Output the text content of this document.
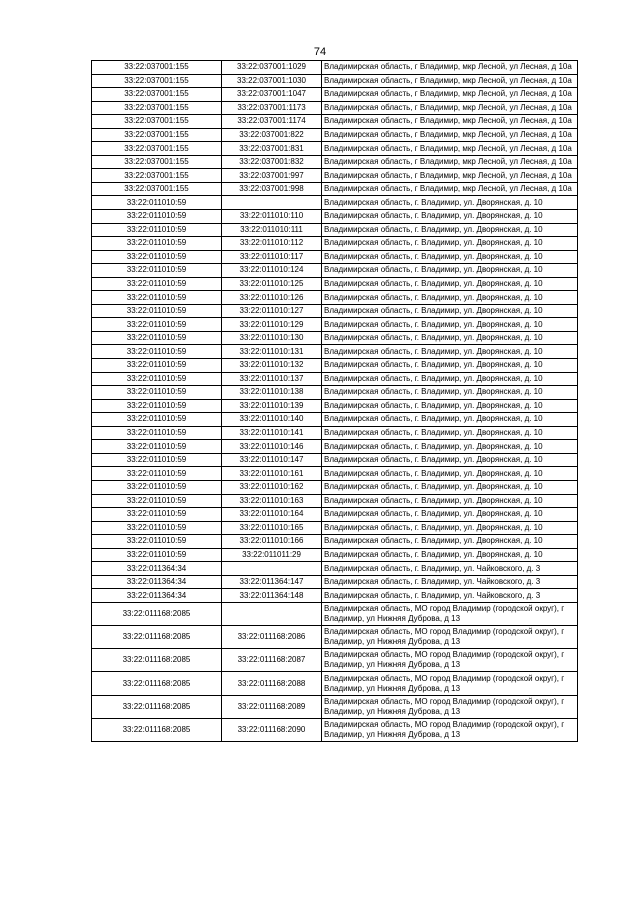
74
33:22:037001:155	33:22:037001:1029	Владимирская область, г Владимир, мкр Лесной, ул Лесная, д 10а
33:22:037001:155	33:22:037001:1030	Владимирская область, г Владимир, мкр Лесной, ул Лесная, д 10а
33:22:037001:155	33:22:037001:1047	Владимирская область, г Владимир, мкр Лесной, ул Лесная, д 10а
33:22:037001:155	33:22:037001:1173	Владимирская область, г Владимир, мкр Лесной, ул Лесная, д 10а
33:22:037001:155	33:22:037001:1174	Владимирская область, г Владимир, мкр Лесной, ул Лесная, д 10а
33:22:037001:155	33:22:037001:822	Владимирская область, г Владимир, мкр Лесной, ул Лесная, д 10а
33:22:037001:155	33:22:037001:831	Владимирская область, г Владимир, мкр Лесной, ул Лесная, д 10а
33:22:037001:155	33:22:037001:832	Владимирская область, г Владимир, мкр Лесной, ул Лесная, д 10а
33:22:037001:155	33:22:037001:997	Владимирская область, г Владимир, мкр Лесной, ул Лесная, д 10а
33:22:037001:155	33:22:037001:998	Владимирская область, г Владимир, мкр Лесной, ул Лесная, д 10а
33:22:011010:59		Владимирская область, г. Владимир, ул. Дворянская, д. 10
33:22:011010:59	33:22:011010:110	Владимирская область, г. Владимир, ул. Дворянская, д. 10
33:22:011010:59	33:22:011010:111	Владимирская область, г. Владимир, ул. Дворянская, д. 10
33:22:011010:59	33:22:011010:112	Владимирская область, г. Владимир, ул. Дворянская, д. 10
33:22:011010:59	33:22:011010:117	Владимирская область, г. Владимир, ул. Дворянская, д. 10
33:22:011010:59	33:22:011010:124	Владимирская область, г. Владимир, ул. Дворянская, д. 10
33:22:011010:59	33:22:011010:125	Владимирская область, г. Владимир, ул. Дворянская, д. 10
33:22:011010:59	33:22:011010:126	Владимирская область, г. Владимир, ул. Дворянская, д. 10
33:22:011010:59	33:22:011010:127	Владимирская область, г. Владимир, ул. Дворянская, д. 10
33:22:011010:59	33:22:011010:129	Владимирская область, г. Владимир, ул. Дворянская, д. 10
33:22:011010:59	33:22:011010:130	Владимирская область, г. Владимир, ул. Дворянская, д. 10
33:22:011010:59	33:22:011010:131	Владимирская область, г. Владимир, ул. Дворянская, д. 10
33:22:011010:59	33:22:011010:132	Владимирская область, г. Владимир, ул. Дворянская, д. 10
33:22:011010:59	33:22:011010:137	Владимирская область, г. Владимир, ул. Дворянская, д. 10
33:22:011010:59	33:22:011010:138	Владимирская область, г. Владимир, ул. Дворянская, д. 10
33:22:011010:59	33:22:011010:139	Владимирская область, г. Владимир, ул. Дворянская, д. 10
33:22:011010:59	33:22:011010:140	Владимирская область, г. Владимир, ул. Дворянская, д. 10
33:22:011010:59	33:22:011010:141	Владимирская область, г. Владимир, ул. Дворянская, д. 10
33:22:011010:59	33:22:011010:146	Владимирская область, г. Владимир, ул. Дворянская, д. 10
33:22:011010:59	33:22:011010:147	Владимирская область, г. Владимир, ул. Дворянская, д. 10
33:22:011010:59	33:22:011010:161	Владимирская область, г. Владимир, ул. Дворянская, д. 10
33:22:011010:59	33:22:011010:162	Владимирская область, г. Владимир, ул. Дворянская, д. 10
33:22:011010:59	33:22:011010:163	Владимирская область, г. Владимир, ул. Дворянская, д. 10
33:22:011010:59	33:22:011010:164	Владимирская область, г. Владимир, ул. Дворянская, д. 10
33:22:011010:59	33:22:011010:165	Владимирская область, г. Владимир, ул. Дворянская, д. 10
33:22:011010:59	33:22:011010:166	Владимирская область, г. Владимир, ул. Дворянская, д. 10
33:22:011010:59	33:22:011011:29	Владимирская область, г. Владимир, ул. Дворянская, д. 10
33:22:011364:34		Владимирская область, г. Владимир, ул. Чайковского, д. 3
33:22:011364:34	33:22:011364:147	Владимирская область, г. Владимир, ул. Чайковского, д. 3
33:22:011364:34	33:22:011364:148	Владимирская область, г. Владимир, ул. Чайковского, д. 3
33:22:011168:2085		Владимирская область, МО город Владимир (городской округ), г Владимир, ул Нижняя Дуброва, д 13
33:22:011168:2085	33:22:011168:2086	Владимирская область, МО город Владимир (городской округ), г Владимир, ул Нижняя Дуброва, д 13
33:22:011168:2085	33:22:011168:2087	Владимирская область, МО город Владимир (городской округ), г Владимир, ул Нижняя Дуброва, д 13
33:22:011168:2085	33:22:011168:2088	Владимирская область, МО город Владимир (городской округ), г Владимир, ул Нижняя Дуброва, д 13
33:22:011168:2085	33:22:011168:2089	Владимирская область, МО город Владимир (городской округ), г Владимир, ул Нижняя Дуброва, д 13
33:22:011168:2085	33:22:011168:2090	Владимирская область, МО город Владимир (городской округ), г Владимир, ул Нижняя Дуброва, д 13
